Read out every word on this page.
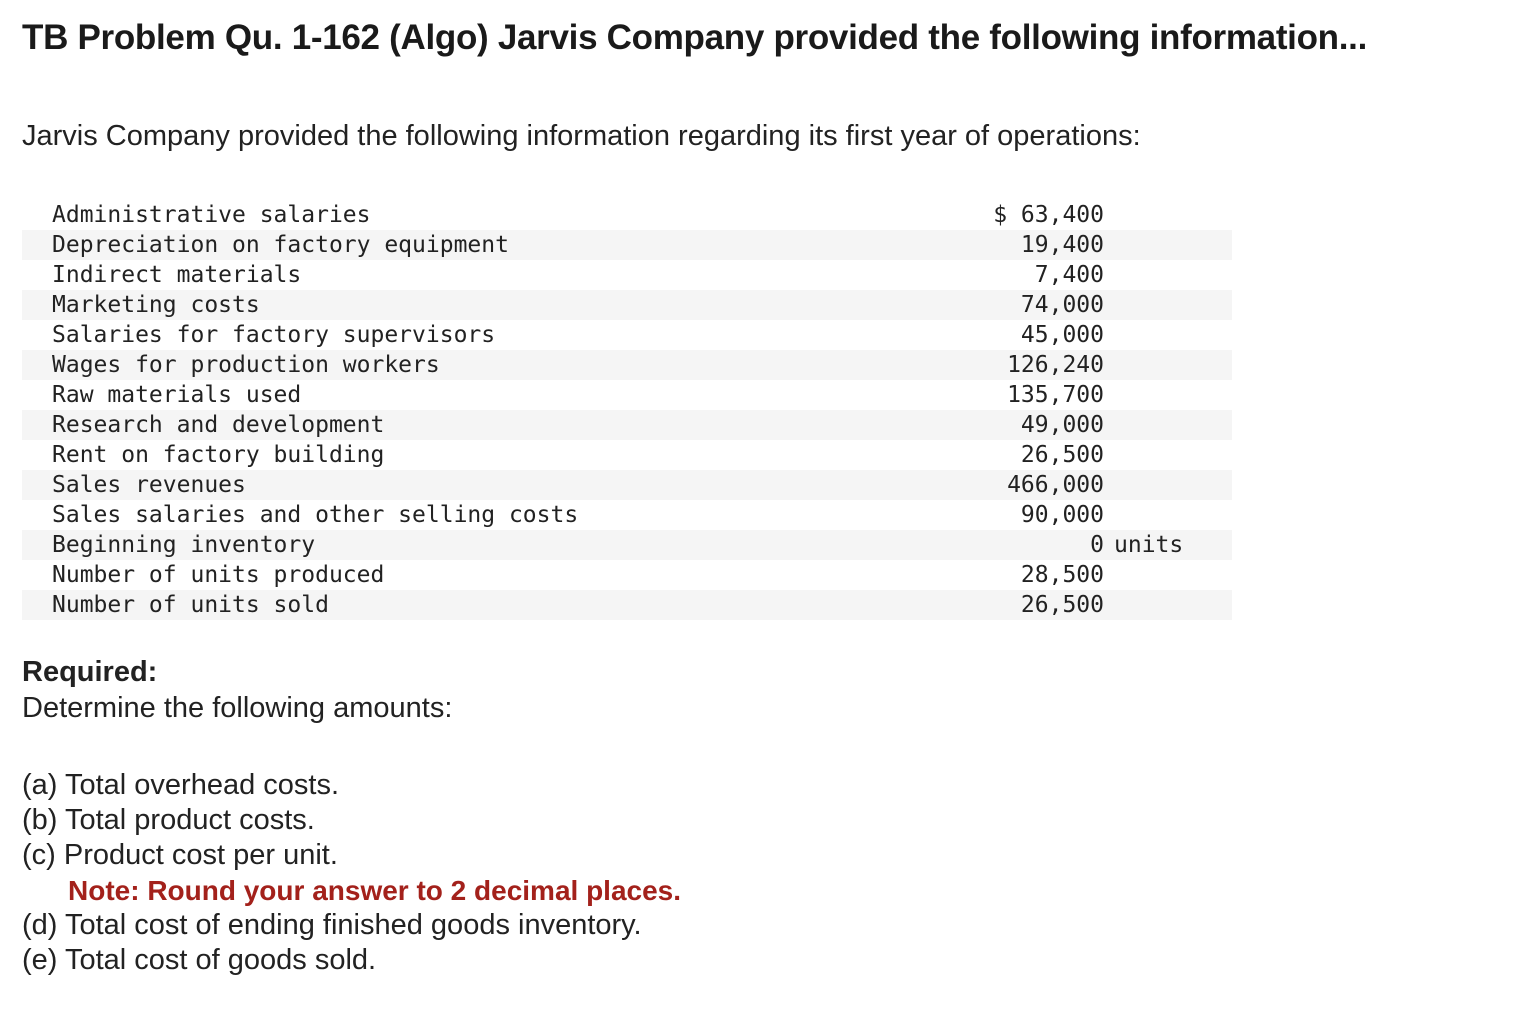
TB Problem Qu. 1-162 (Algo) Jarvis Company provided the following information...

Jarvis Company provided the following information regarding its first year of operations:

Administrative salaries	$ 63,400	
Depreciation on factory equipment	19,400	
Indirect materials	7,400	
Marketing costs	74,000	
Salaries for factory supervisors	45,000	
Wages for production workers	126,240	
Raw materials used	135,700	
Research and development	49,000	
Rent on factory building	26,500	
Sales revenues	466,000	
Sales salaries and other selling costs	90,000	
Beginning inventory	0	units
Number of units produced	28,500	
Number of units sold	26,500	

Required:

Determine the following amounts:

(a) Total overhead costs.
(b) Total product costs.
(c) Product cost per unit.
Note: Round your answer to 2 decimal places.
(d) Total cost of ending finished goods inventory.
(e) Total cost of goods sold.
